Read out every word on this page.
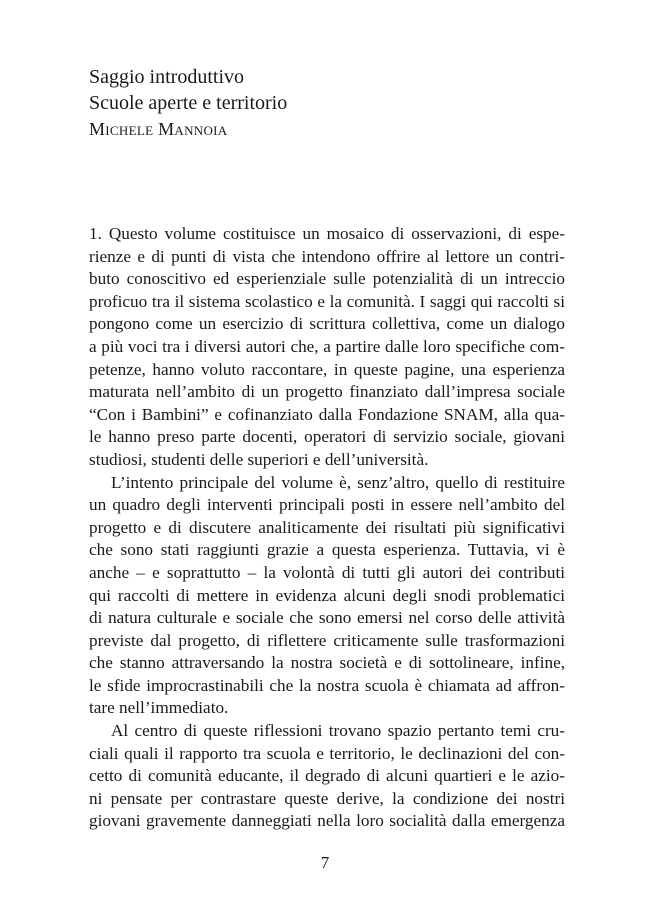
Saggio introduttivo
Scuole aperte e territorio
Michele Mannoia

1. Questo volume costituisce un mosaico di osservazioni, di espe-
rienze e di punti di vista che intendono offrire al lettore un contri-
buto conoscitivo ed esperienziale sulle potenzialità di un intreccio
proficuo tra il sistema scolastico e la comunità. I saggi qui raccolti si
pongono come un esercizio di scrittura collettiva, come un dialogo
a più voci tra i diversi autori che, a partire dalle loro specifiche com-
petenze, hanno voluto raccontare, in queste pagine, una esperienza
maturata nell’ambito di un progetto finanziato dall’impresa sociale
“Con i Bambini” e cofinanziato dalla Fondazione SNAM, alla qua-
le hanno preso parte docenti, operatori di servizio sociale, giovani
studiosi, studenti delle superiori e dell’università.

L’intento principale del volume è, senz’altro, quello di restituire
un quadro degli interventi principali posti in essere nell’ambito del
progetto e di discutere analiticamente dei risultati più significativi
che sono stati raggiunti grazie a questa esperienza. Tuttavia, vi è
anche – e soprattutto – la volontà di tutti gli autori dei contributi
qui raccolti di mettere in evidenza alcuni degli snodi problematici
di natura culturale e sociale che sono emersi nel corso delle attività
previste dal progetto, di riflettere criticamente sulle trasformazioni
che stanno attraversando la nostra società e di sottolineare, infine,
le sfide improcrastinabili che la nostra scuola è chiamata ad affron-
tare nell’immediato.

Al centro di queste riflessioni trovano spazio pertanto temi cru-
ciali quali il rapporto tra scuola e territorio, le declinazioni del con-
cetto di comunità educante, il degrado di alcuni quartieri e le azio-
ni pensate per contrastare queste derive, la condizione dei nostri
giovani gravemente danneggiati nella loro socialità dalla emergenza

7
